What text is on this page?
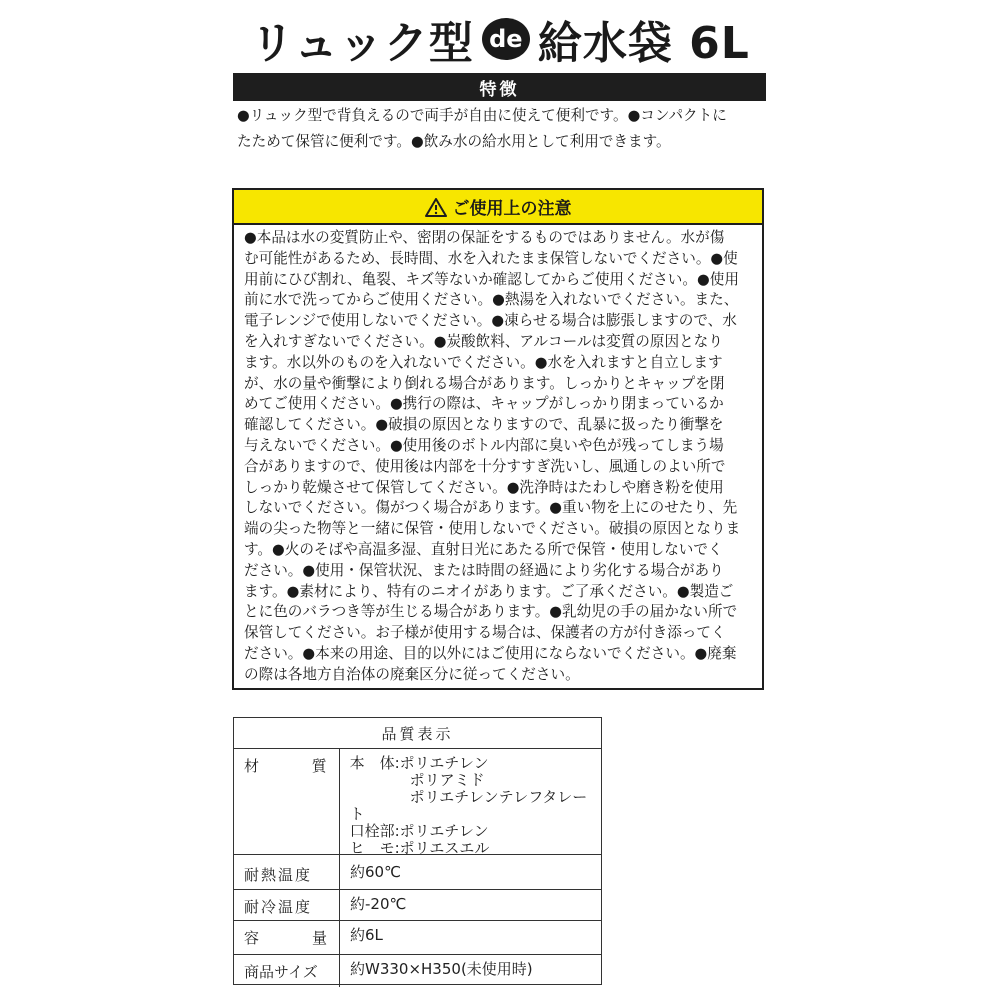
リュック型 de 給水袋 6L
特徴
●リュック型で背負えるので両手が自由に使えて便利です。●コンパクトに
たためて保管に便利です。●飲み水の給水用として利用できます。
ご使用上の注意
●本品は水の変質防止や、密閉の保証をするものではありません。水が傷
む可能性があるため、長時間、水を入れたまま保管しないでください。●使
用前にひび割れ、亀裂、キズ等ないか確認してからご使用ください。●使用
前に水で洗ってからご使用ください。●熱湯を入れないでください。また、
電子レンジで使用しないでください。●凍らせる場合は膨張しますので、水
を入れすぎないでください。●炭酸飲料、アルコールは変質の原因となり
ます。水以外のものを入れないでください。●水を入れますと自立します
が、水の量や衝撃により倒れる場合があります。しっかりとキャップを閉
めてご使用ください。●携行の際は、キャップがしっかり閉まっているか
確認してください。●破損の原因となりますので、乱暴に扱ったり衝撃を
与えないでください。●使用後のボトル内部に臭いや色が残ってしまう場
合がありますので、使用後は内部を十分すすぎ洗いし、風通しのよい所で
しっかり乾燥させて保管してください。●洗浄時はたわしや磨き粉を使用
しないでください。傷がつく場合があります。●重い物を上にのせたり、先
端の尖った物等と一緒に保管・使用しないでください。破損の原因となりま
す。●火のそばや高温多湿、直射日光にあたる所で保管・使用しないでく
ださい。●使用・保管状況、または時間の経過により劣化する場合があり
ます。●素材により、特有のニオイがあります。ご了承ください。●製造ご
とに色のバラつき等が生じる場合があります。●乳幼児の手の届かない所で
保管してください。お子様が使用する場合は、保護者の方が付き添ってく
ださい。●本来の用途、目的以外にはご使用にならないでください。●廃棄
の際は各地方自治体の廃棄区分に従ってください。
品質表示
材	質	本　体:ポリエチレン
　　　　ポリアミド
　　　　ポリエチレンテレフタレート
口栓部:ポリエチレン
ヒ　モ:ポリエスエル
耐熱温度	約60℃
耐冷温度	約-20℃
容	量	約6L
商品サイズ	約W330×H350(未使用時)
